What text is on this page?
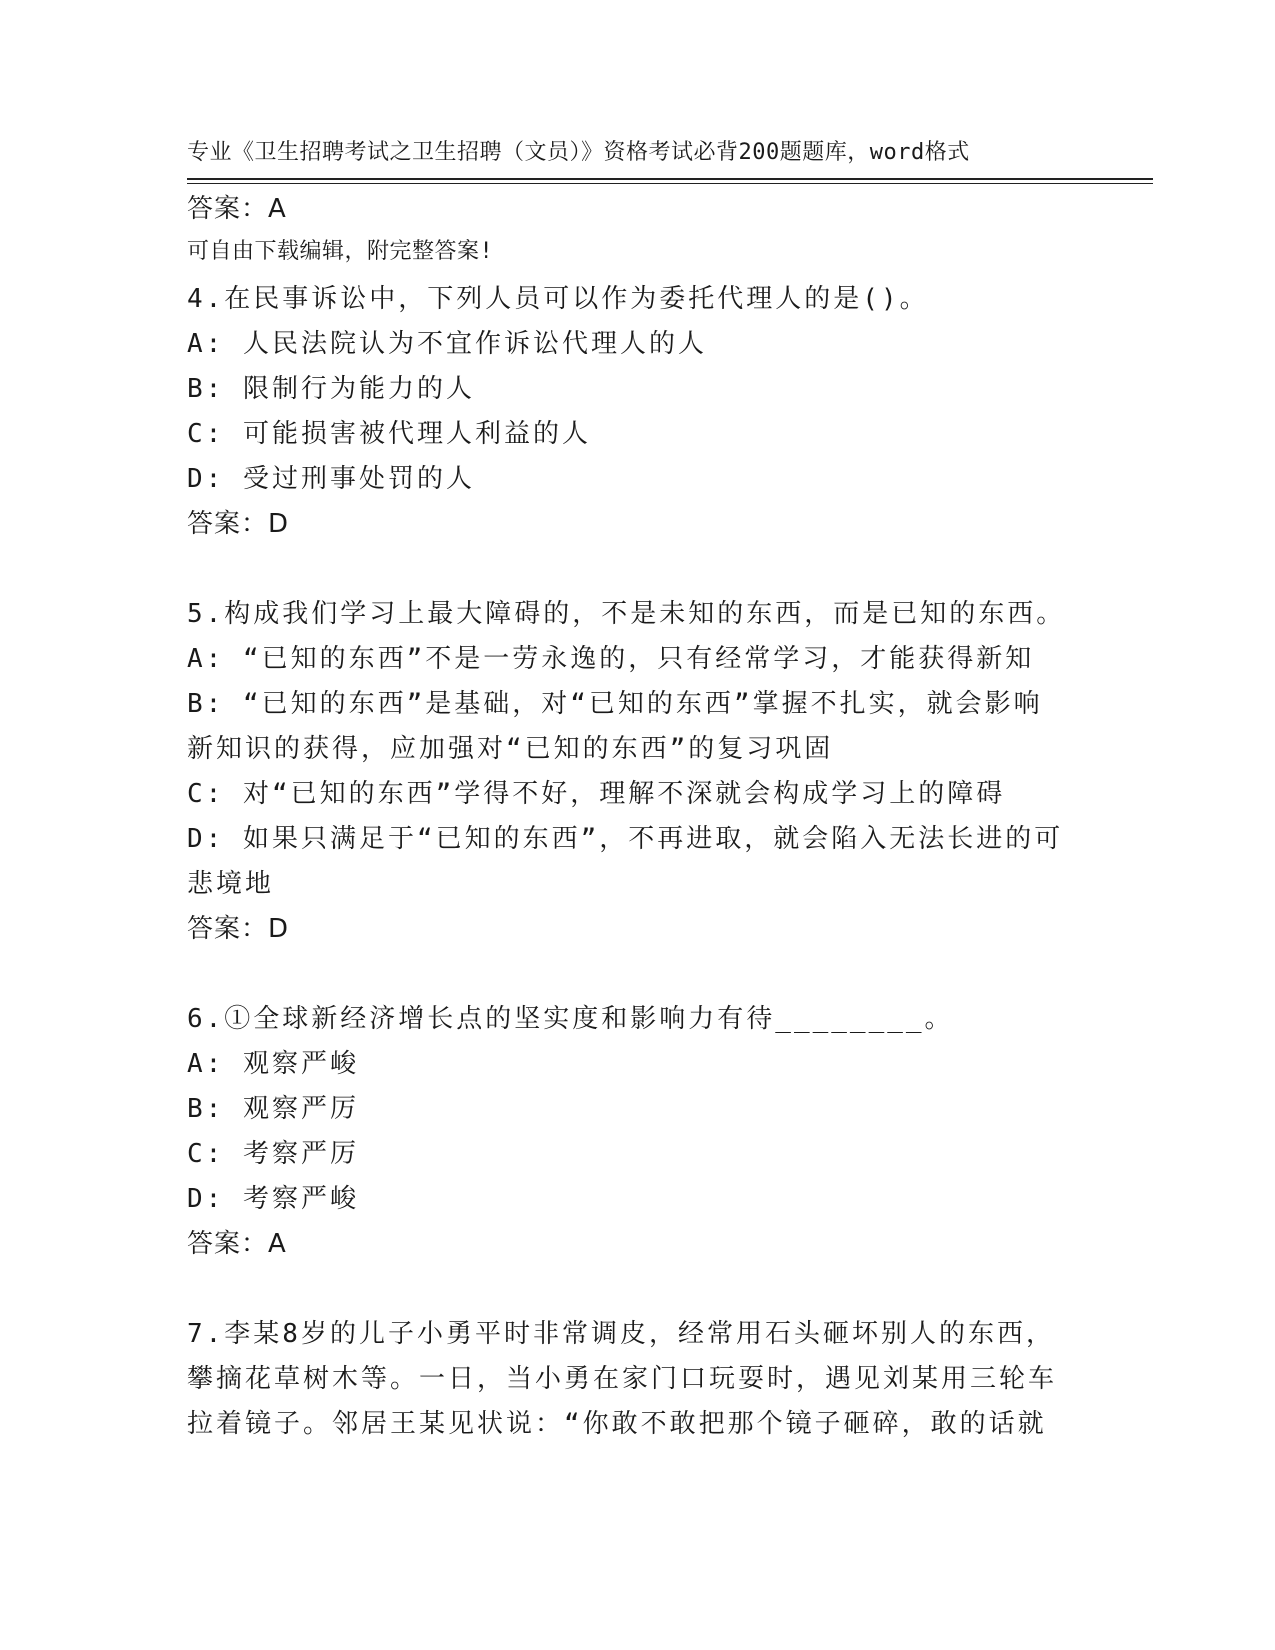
专业《卫生招聘考试之卫生招聘（文员）》资格考试必背200题题库，word格式

可自由下载编辑，附完整答案!

答案：A
4.在民事诉讼中，下列人员可以作为委托代理人的是()。
A: 人民法院认为不宜作诉讼代理人的人
B: 限制行为能力的人
C: 可能损害被代理人利益的人
D: 受过刑事处罚的人
答案：D
5.构成我们学习上最大障碍的，不是未知的东西，而是已知的东西。
A: “已知的东西”不是一劳永逸的，只有经常学习，才能获得新知
B: “已知的东西”是基础，对“已知的东西”掌握不扎实，就会影响
新知识的获得，应加强对“已知的东西”的复习巩固
C: 对“已知的东西”学得不好，理解不深就会构成学习上的障碍
D: 如果只满足于“已知的东西”，不再进取，就会陷入无法长进的可
悲境地
答案：D
6.①全球新经济增长点的坚实度和影响力有待________。
A: 观察严峻
B: 观察严厉
C: 考察严厉
D: 考察严峻
答案：A
7.李某8岁的儿子小勇平时非常调皮，经常用石头砸坏别人的东西，
攀摘花草树木等。一日，当小勇在家门口玩耍时，遇见刘某用三轮车
拉着镜子。邻居王某见状说：“你敢不敢把那个镜子砸碎，敢的话就
